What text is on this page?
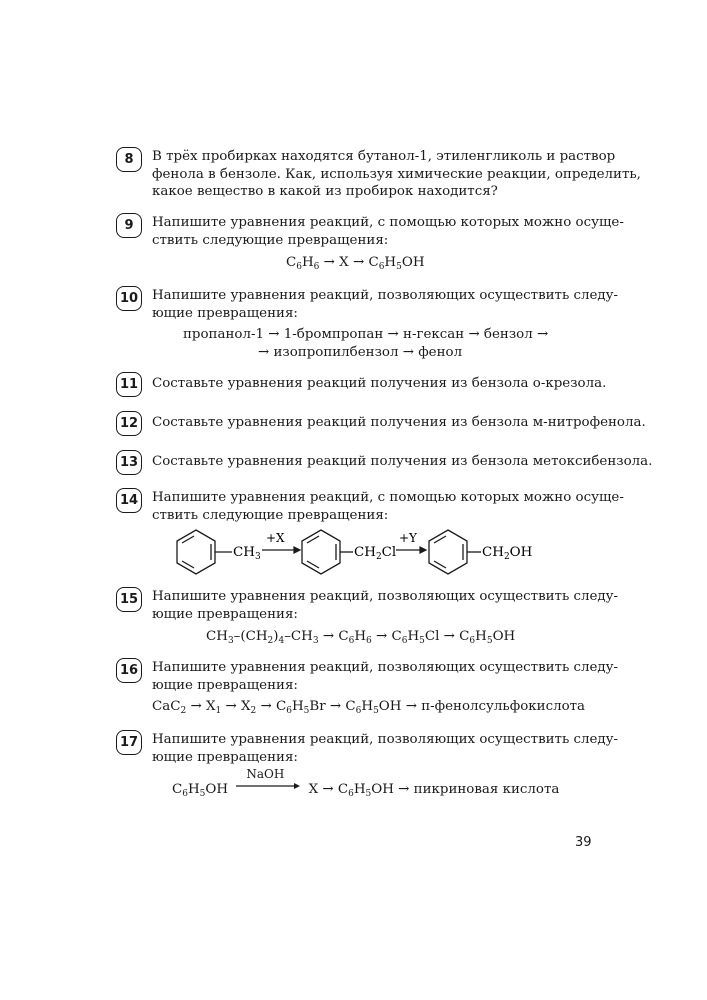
8	В трёх пробирках находятся бутанол-1, этиленгликоль и раствор
фенола в бензоле. Как, используя химические реакции, определить,
какое вещество в какой из пробирок находится?
9	Напишите уравнения реакций, с помощью которых можно осуще-
ствить следующие превращения:
$C_6H_6 \to X \to C_6H_5OH$
10 Напишите уравнения реакций, позволяющих осуществить следу-
ющие превращения:
пропанол-1 → 1-бромпропан → н-гексан → бензол →
→ изопропилбензол → фенол
11 Составьте уравнения реакций получения из бензола о-крезола.
12 Составьте уравнения реакций получения из бензола м-нитрофенола.
13 Составьте уравнения реакций получения из бензола метоксибензола.
14 Напишите уравнения реакций, с помощью которых можно осуще-
ствить следующие превращения:
$CH_3$
+X
$CH_2Cl$
+Y
$CH_2OH$
15 Напишите уравнения реакций, позволяющих осуществить следу-
ющие превращения:
$CH_3-(CH_2)_4-CH_3 \to C_6H_6 \to C_6H_5Cl \to C_6H_5OH$
16 Напишите уравнения реакций, позволяющих осуществить следу-
ющие превращения:
$CaC_2 \to X_1 \to X_2 \to C_6H_5Br \to C_6H_5OH$ → п-фенолсульфокислота
17 Напишите уравнения реакций, позволяющих осуществить следу-
ющие превращения:
$C_6H_5OH$
NaOH
$X \to C_6H_5OH$ → пикриновая кислота
39
